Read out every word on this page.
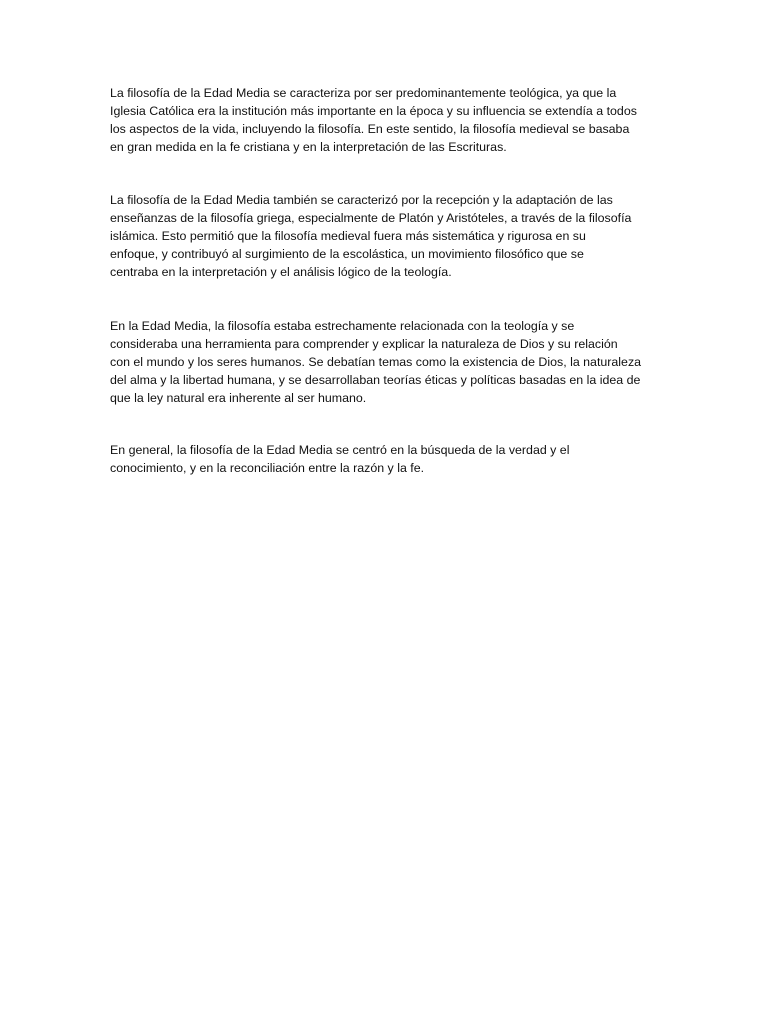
La filosofía de la Edad Media se caracteriza por ser predominantemente teológica, ya que la
Iglesia Católica era la institución más importante en la época y su influencia se extendía a todos
los aspectos de la vida, incluyendo la filosofía. En este sentido, la filosofía medieval se basaba
en gran medida en la fe cristiana y en la interpretación de las Escrituras.

La filosofía de la Edad Media también se caracterizó por la recepción y la adaptación de las
enseñanzas de la filosofía griega, especialmente de Platón y Aristóteles, a través de la filosofía
islámica. Esto permitió que la filosofía medieval fuera más sistemática y rigurosa en su
enfoque, y contribuyó al surgimiento de la escolástica, un movimiento filosófico que se
centraba en la interpretación y el análisis lógico de la teología.

En la Edad Media, la filosofía estaba estrechamente relacionada con la teología y se
consideraba una herramienta para comprender y explicar la naturaleza de Dios y su relación
con el mundo y los seres humanos. Se debatían temas como la existencia de Dios, la naturaleza
del alma y la libertad humana, y se desarrollaban teorías éticas y políticas basadas en la idea de
que la ley natural era inherente al ser humano.

En general, la filosofía de la Edad Media se centró en la búsqueda de la verdad y el
conocimiento, y en la reconciliación entre la razón y la fe.
